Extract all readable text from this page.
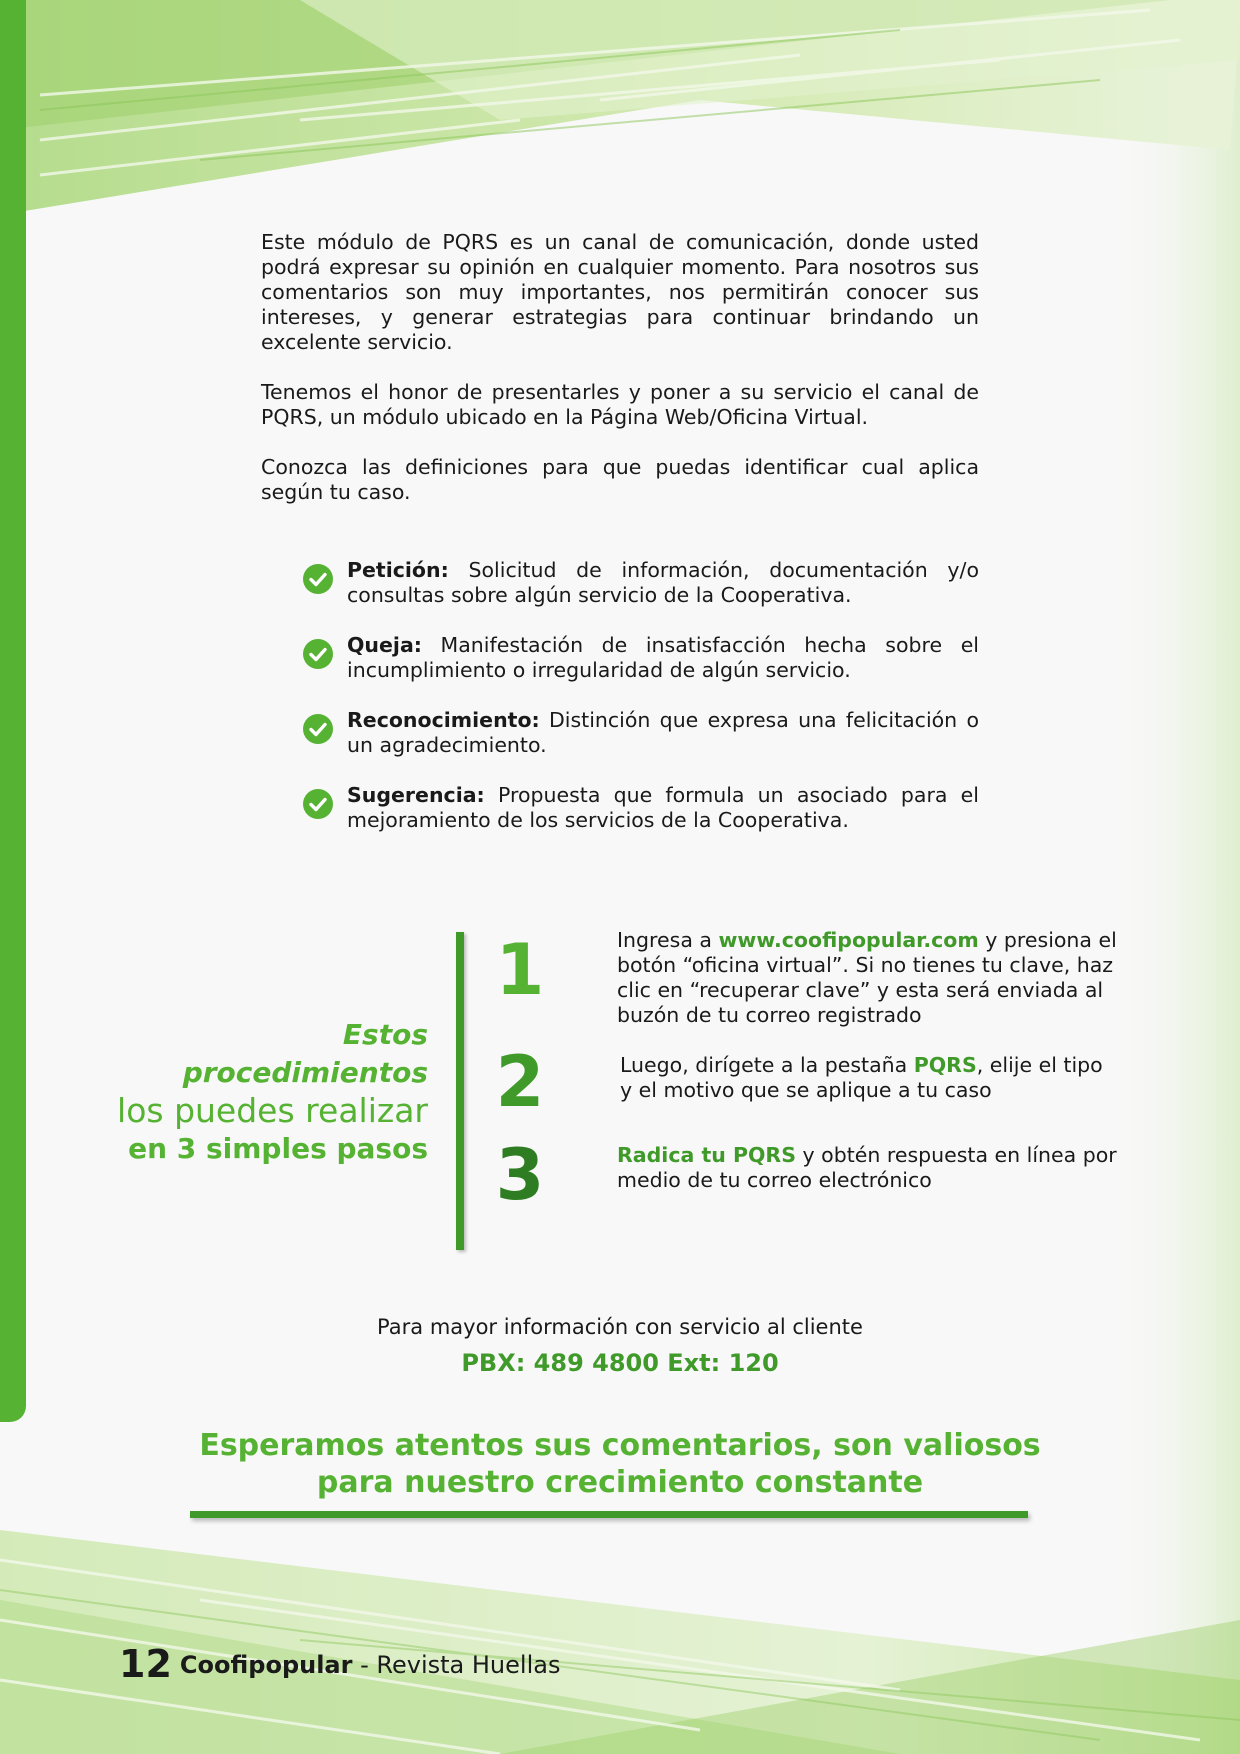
Este módulo de PQRS es un canal de comunicación, donde usted podrá expresar su opinión en cualquier momento. Para nosotros sus comentarios son muy importantes, nos permitirán conocer sus intereses, y generar estrategias para continuar brindando un excelente servicio.

Tenemos el honor de presentarles y poner a su servicio el canal de PQRS, un módulo ubicado en la Página Web/Oficina Virtual.

Conozca las definiciones para que puedas identificar cual aplica según tu caso.

Petición: Solicitud de información, documentación y/o consultas sobre algún servicio de la Cooperativa.
Queja: Manifestación de insatisfacción hecha sobre el incumplimiento o irregularidad de algún servicio.
Reconocimiento: Distinción que expresa una felicitación o un agradecimiento.
Sugerencia: Propuesta que formula un asociado para el mejoramiento de los servicios de la Cooperativa.
Estos procedimientos
los puedes realizar
en 3 simples pasos
1
2
3
Ingresa a www.coofipopular.com y presiona el botón “oficina virtual”. Si no tienes tu clave, haz clic en “recuperar clave” y esta será enviada al buzón de tu correo registrado
Luego, dirígete a la pestaña PQRS, elije el tipo y el motivo que se aplique a tu caso
Radica tu PQRS y obtén respuesta en línea por medio de tu correo electrónico
Para mayor información con servicio al cliente
PBX: 489 4800 Ext: 120
Esperamos atentos sus comentarios, son valiosos
para nuestro crecimiento constante
12 Coofipopular - Revista Huellas
